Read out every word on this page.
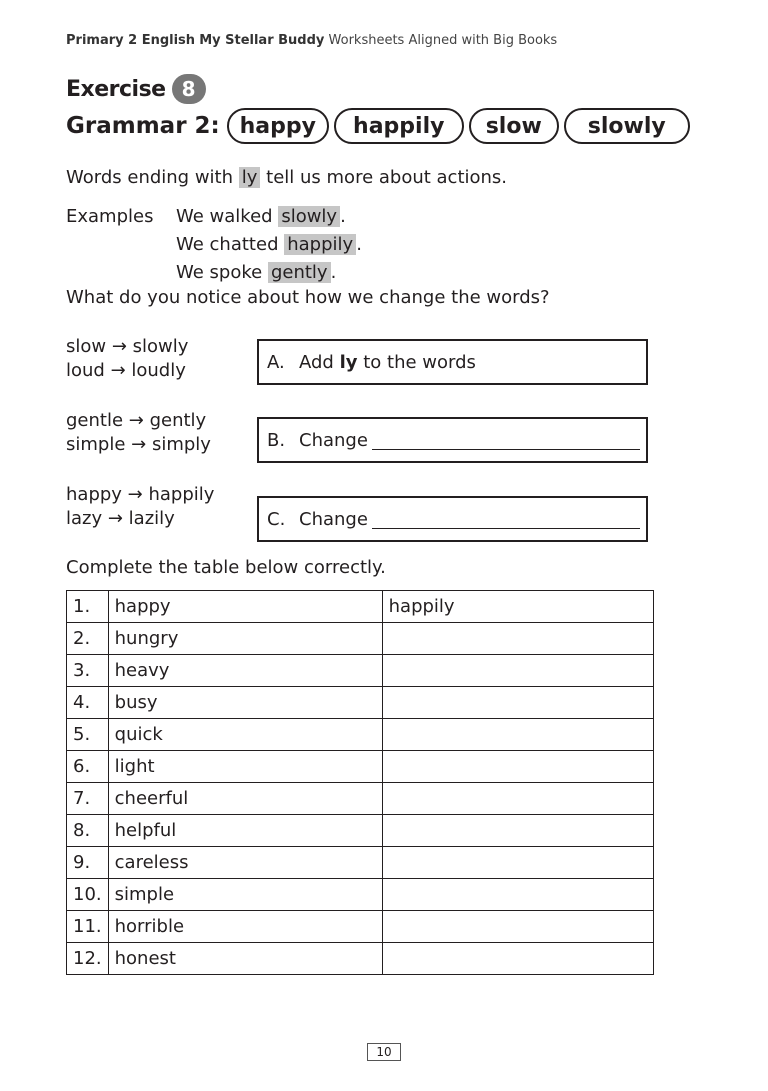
Primary 2 English My Stellar Buddy Worksheets Aligned with Big Books
Exercise 8
Grammar 2: happy	happily	slow	slowly
Words ending with ly tell us more about actions.
Examples We walked slowly .
We chatted happily .
We spoke gently .
What do you notice about how we change the words?
slow → slowly
loud → loudly	A. Add
ly
to the words
gentle → gently
simple → simply	B. Change
happy → happily
lazy → lazily	C. Change
Complete the table below correctly.
1.	happy	happily
2.	hungry	
3.	heavy	
4.	busy	
5.	quick	
6.	light	
7.	cheerful	
8.	helpful	
9.	careless	
10.	simple	
11.	horrible	
12.	honest	
10
